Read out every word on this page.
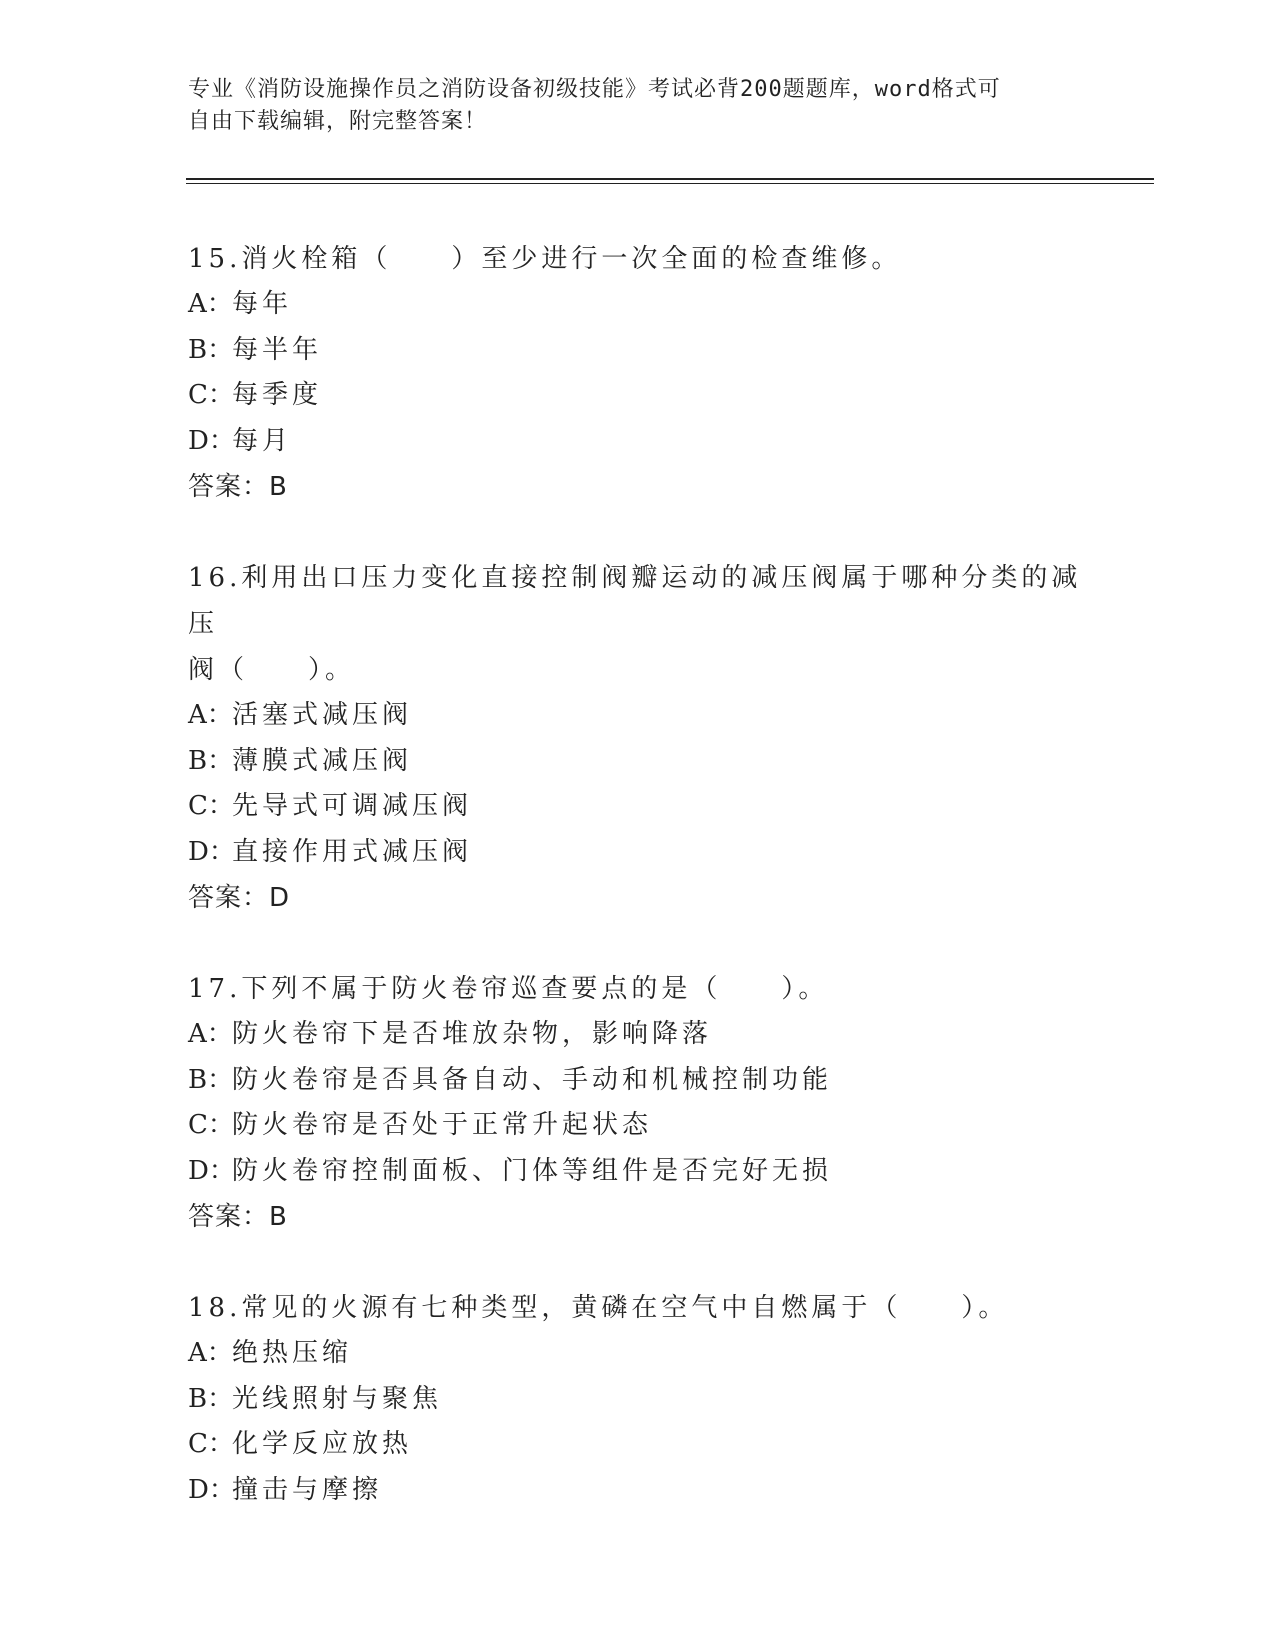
专业《消防设施操作员之消防设备初级技能》考试必背200题题库，word格式可
自由下载编辑，附完整答案！
15.消火栓箱（　　）至少进行一次全面的检查维修。
A：每年
B：每半年
C：每季度
D：每月
答案：B
16.利用出口压力变化直接控制阀瓣运动的减压阀属于哪种分类的减压
阀（　　）。
A：活塞式减压阀
B：薄膜式减压阀
C：先导式可调减压阀
D：直接作用式减压阀
答案：D
17.下列不属于防火卷帘巡查要点的是（　　）。
A：防火卷帘下是否堆放杂物，影响降落
B：防火卷帘是否具备自动、手动和机械控制功能
C：防火卷帘是否处于正常升起状态
D：防火卷帘控制面板、门体等组件是否完好无损
答案：B
18.常见的火源有七种类型，黄磷在空气中自燃属于（　　）。
A：绝热压缩
B：光线照射与聚焦
C：化学反应放热
D：撞击与摩擦
